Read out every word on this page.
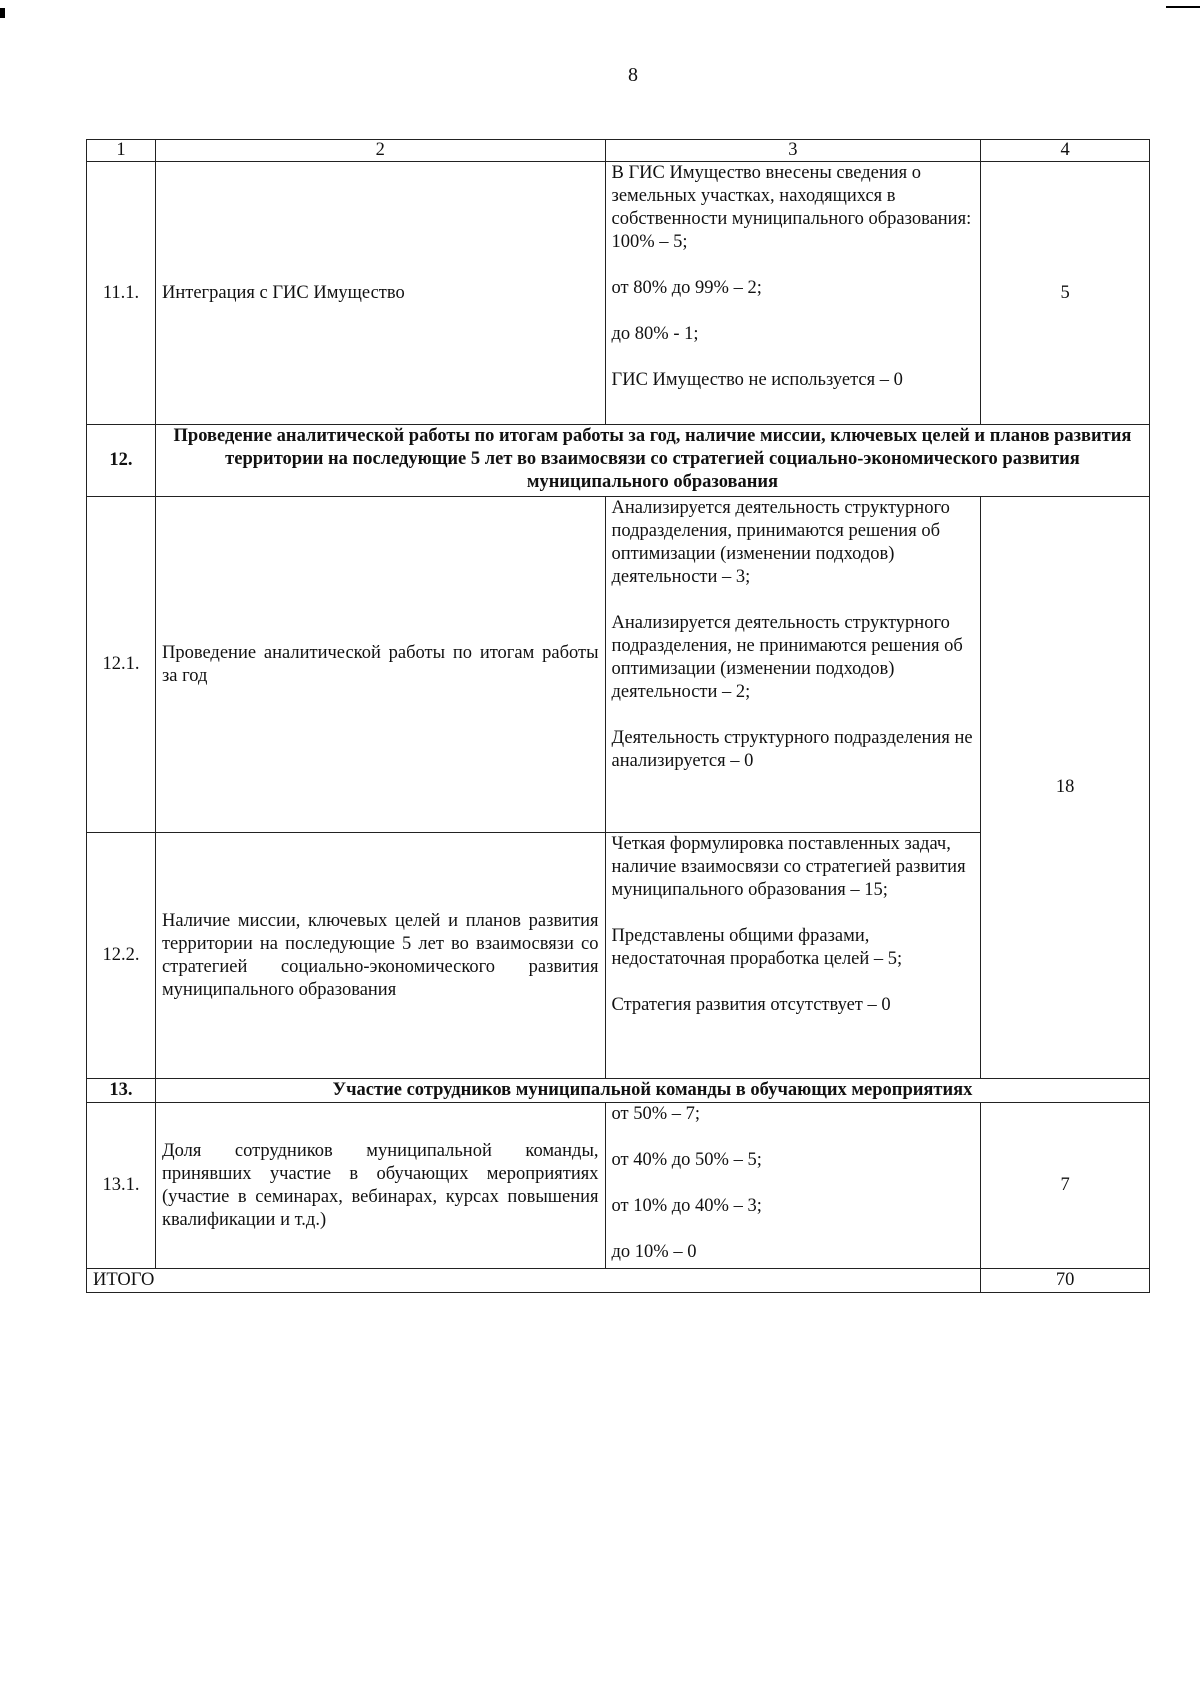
8
1	2	3	4
11.1.	Интеграция с ГИС Имущество	В ГИС Имущество внесены сведения о земельных участках, находящихся в собственности муниципального образования: 100% – 5;

от 80% до 99% – 2;

до 80% - 1;

ГИС Имущество не используется – 0	5
12.	Проведение аналитической работы по итогам работы за год, наличие миссии, ключевых целей и планов развития территории на последующие 5 лет во взаимосвязи со стратегией социально-экономического развития муниципального образования		
12.1.	Проведение аналитической работы по итогам работы за год	Анализируется деятельность структурного подразделения, принимаются решения об оптимизации (изменении подходов) деятельности – 3;

Анализируется деятельность структурного подразделения, не принимаются решения об оптимизации (изменении подходов) деятельности – 2;

Деятельность структурного подразделения не анализируется – 0	18
12.2.	Наличие миссии, ключевых целей и планов развития территории на последующие 5 лет во взаимосвязи со стратегией социально-экономического развития муниципального образования	Четкая формулировка поставленных задач, наличие взаимосвязи со стратегией развития муниципального образования – 15;

Представлены общими фразами, недостаточная проработка целей – 5;

Стратегия развития отсутствует – 0	

13.	Участие сотрудников муниципальной команды в обучающих мероприятиях		
13.1.	Доля сотрудников муниципальной команды, принявших участие в обучающих мероприятиях (участие в семинарах, вебинарах, курсах повышения квалификации и т.д.)	от 50% – 7;

от 40% до 50% – 5;

от 10% до 40% – 3;

до 10% – 0	7
ИТОГО			70
